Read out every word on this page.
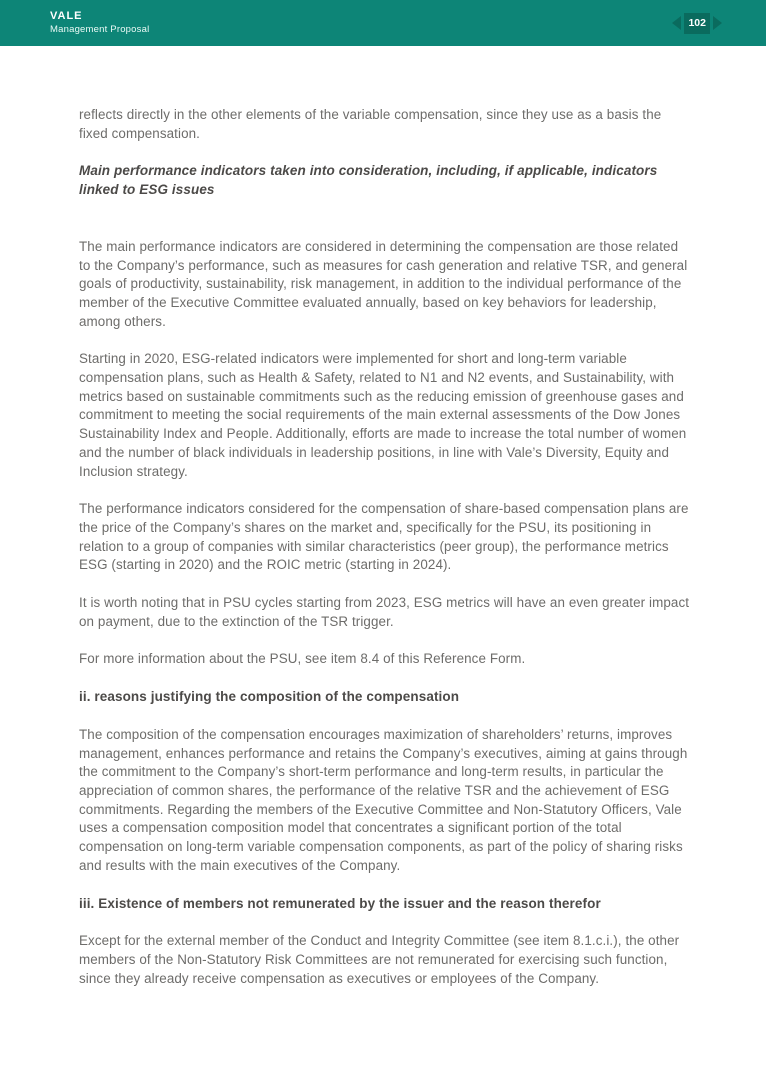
VALE
Management Proposal
102

reflects directly in the other elements of the variable compensation, since they use as a basis the fixed compensation.

Main performance indicators taken into consideration, including, if applicable, indicators linked to ESG issues

The main performance indicators are considered in determining the compensation are those related to the Company’s performance, such as measures for cash generation and relative TSR, and general goals of productivity, sustainability, risk management, in addition to the individual performance of the member of the Executive Committee evaluated annually, based on key behaviors for leadership, among others.

Starting in 2020, ESG-related indicators were implemented for short and long-term variable compensation plans, such as Health & Safety, related to N1 and N2 events, and Sustainability, with metrics based on sustainable commitments such as the reducing emission of greenhouse gases and commitment to meeting the social requirements of the main external assessments of the Dow Jones Sustainability Index and People. Additionally, efforts are made to increase the total number of women and the number of black individuals in leadership positions, in line with Vale’s Diversity, Equity and Inclusion strategy.

The performance indicators considered for the compensation of share-based compensation plans are the price of the Company’s shares on the market and, specifically for the PSU, its positioning in relation to a group of companies with similar characteristics (peer group), the performance metrics ESG (starting in 2020) and the ROIC metric (starting in 2024).

It is worth noting that in PSU cycles starting from 2023, ESG metrics will have an even greater impact on payment, due to the extinction of the TSR trigger.

For more information about the PSU, see item 8.4 of this Reference Form.

ii. reasons justifying the composition of the compensation

The composition of the compensation encourages maximization of shareholders’ returns, improves management, enhances performance and retains the Company’s executives, aiming at gains through the commitment to the Company’s short-term performance and long-term results, in particular the appreciation of common shares, the performance of the relative TSR and the achievement of ESG commitments. Regarding the members of the Executive Committee and Non-Statutory Officers, Vale uses a compensation composition model that concentrates a significant portion of the total compensation on long-term variable compensation components, as part of the policy of sharing risks and results with the main executives of the Company.

iii. Existence of members not remunerated by the issuer and the reason therefor

Except for the external member of the Conduct and Integrity Committee (see item 8.1.c.i.), the other members of the Non-Statutory Risk Committees are not remunerated for exercising such function, since they already receive compensation as executives or employees of the Company.
